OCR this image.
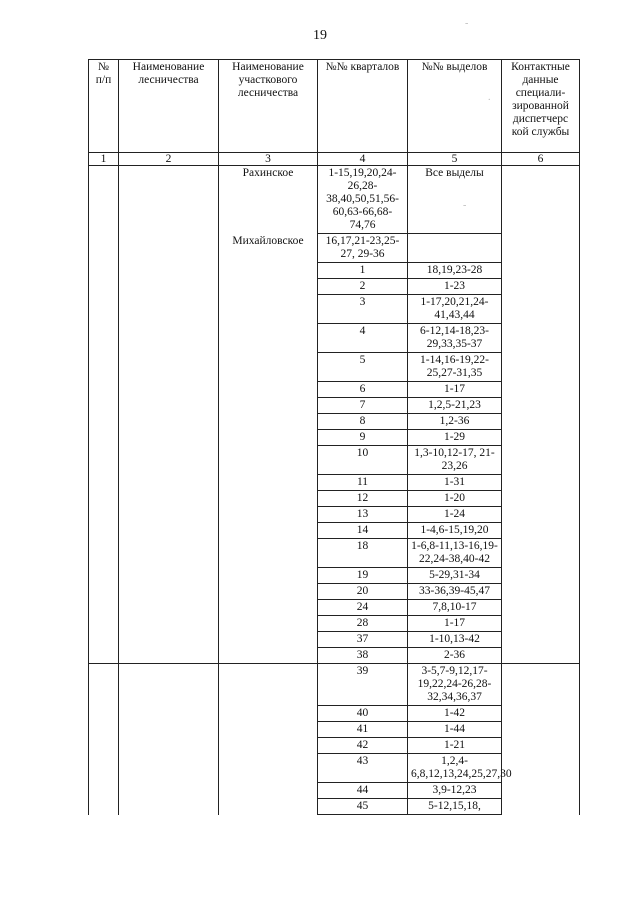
19
№ п/п	Наименование лесничества	Наименование участкового лесничества	№№ кварталов	№№ выделов	Контактные данные специали-зированной диспетчерс кой службы
1	2	3	4	5	6
		Рахинское	1-15,19,20,24-26,28-38,40,50,51,56-60,63-66,68-74,76	Все выделы	
		Михайловское	16,17,21-23,25-27, 29-36		
			1	18,19,23-28	
			2	1-23	
			3	1-17,20,21,24-41,43,44	
			4	6-12,14-18,23-29,33,35-37	
			5	1-14,16-19,22-25,27-31,35	
			6	1-17	
			7	1,2,5-21,23	
			8	1,2-36	
			9	1-29	
			10	1,3-10,12-17, 21-23,26	
			11	1-31	
			12	1-20	
			13	1-24	
			14	1-4,6-15,19,20	
			18	1-6,8-11,13-16,19-22,24-38,40-42	
			19	5-29,31-34	
			20	33-36,39-45,47	
			24	7,8,10-17	
			28	1-17	
			37	1-10,13-42	
			38	2-36	
			39	3-5,7-9,12,17-19,22,24-26,28-32,34,36,37	
			40	1-42	
			41	1-44	
			42	1-21	
			43	1,2,4-6,8,12,13,24,25,27,30	
			44	3,9-12,23	
			45	5-12,15,18,	
-
.
-
